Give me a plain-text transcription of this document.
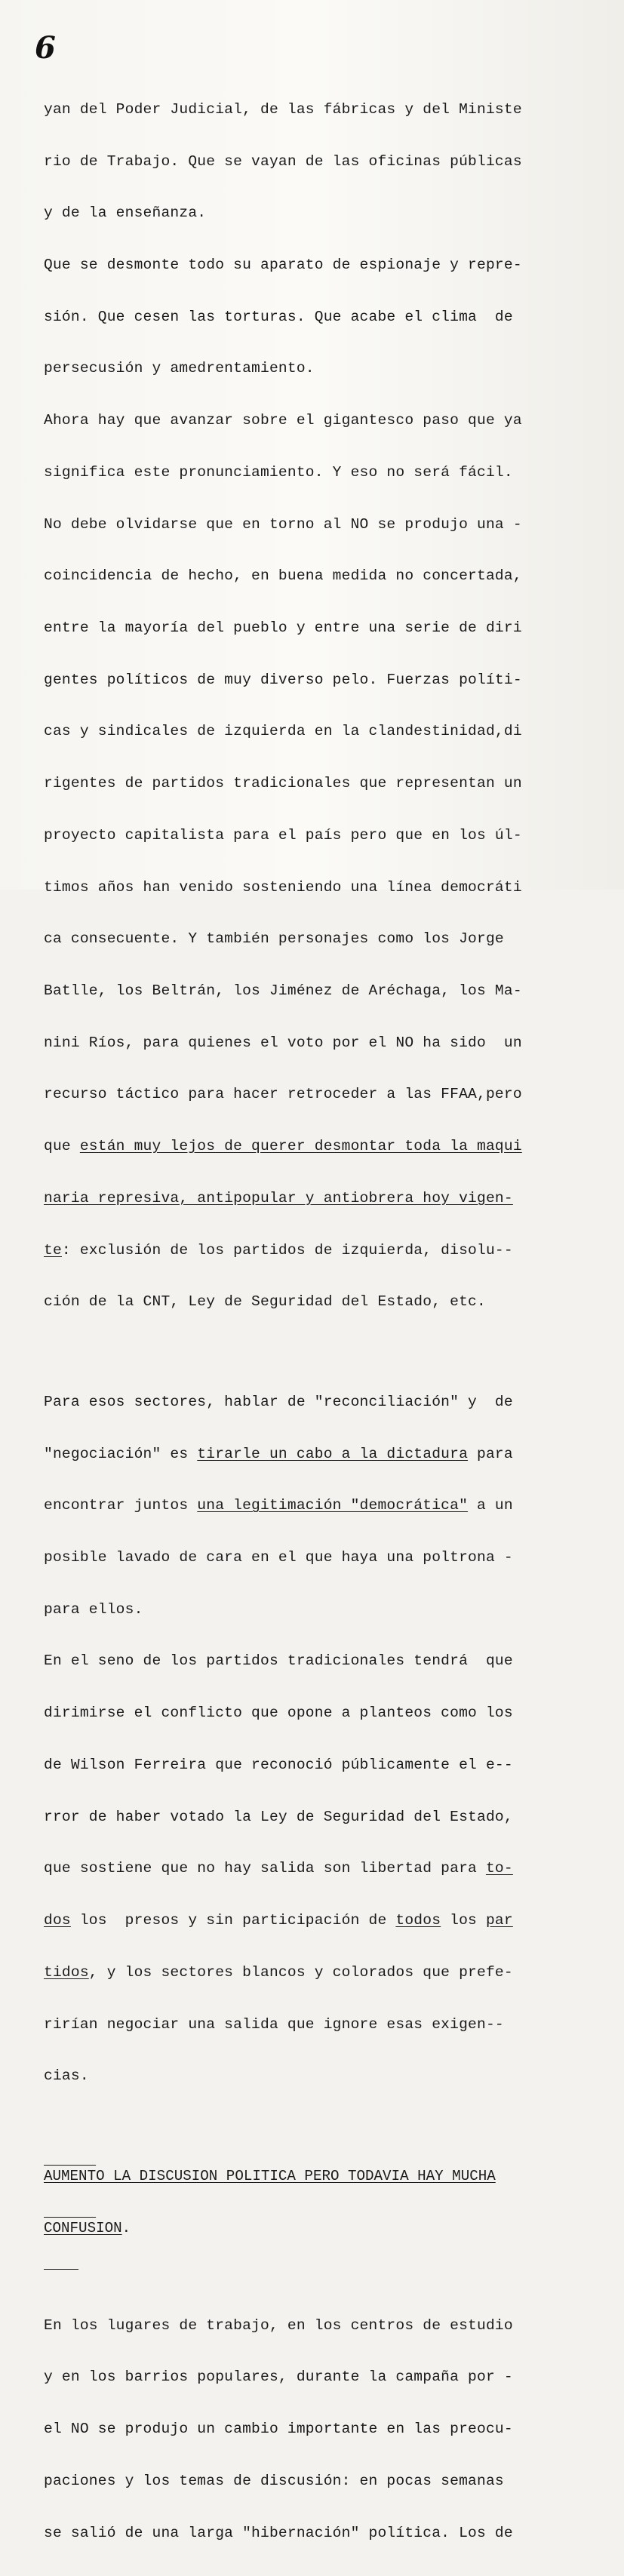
6

yan del Poder Judicial, de las fábricas y del Ministe

rio de Trabajo. Que se vayan de las oficinas públicas

y de la enseñanza.

Que se desmonte todo su aparato de espionaje y repre-

sión. Que cesen las torturas. Que acabe el clima  de

persecusión y amedrentamiento.

Ahora hay que avanzar sobre el gigantesco paso que ya

significa este pronunciamiento. Y eso no será fácil.

No debe olvidarse que en torno al NO se produjo una -

coincidencia de hecho, en buena medida no concertada,

entre la mayoría del pueblo y entre una serie de diri

gentes políticos de muy diverso pelo. Fuerzas políti-

cas y sindicales de izquierda en la clandestinidad,di

rigentes de partidos tradicionales que representan un

proyecto capitalista para el país pero que en los úl-

timos años han venido sosteniendo una línea democráti

ca consecuente. Y también personajes como los Jorge

Batlle, los Beltrán, los Jiménez de Aréchaga, los Ma-

nini Ríos, para quienes el voto por el NO ha sido  un

recurso táctico para hacer retroceder a las FFAA,pero

que están muy lejos de querer desmontar toda la maqui

naria represiva, antipopular y antiobrera hoy vigen-

te: exclusión de los partidos de izquierda, disolu--

ción de la CNT, Ley de Seguridad del Estado, etc.

Para esos sectores, hablar de "reconciliación" y  de

"negociación" es tirarle un cabo a la dictadura para

encontrar juntos una legitimación "democrática" a un

posible lavado de cara en el que haya una poltrona -

para ellos.

En el seno de los partidos tradicionales tendrá  que

dirimirse el conflicto que opone a planteos como los

de Wilson Ferreira que reconoció públicamente el e--

rror de haber votado la Ley de Seguridad del Estado,

que sostiene que no hay salida son libertad para to-

dos los  presos y sin participación de todos los par

tidos, y los sectores blancos y colorados que prefe-

rirían negociar una salida que ignore esas exigen--

cias.

AUMENTO LA DISCUSION POLITICA PERO TODAVIA HAY MUCHA

CONFUSION.

En los lugares de trabajo, en los centros de estudio

y en los barrios populares, durante la campaña por -

el NO se produjo un cambio importante en las preocu-

paciones y los temas de discusión: en pocas semanas

se salió de una larga "hibernación" política. Los de
